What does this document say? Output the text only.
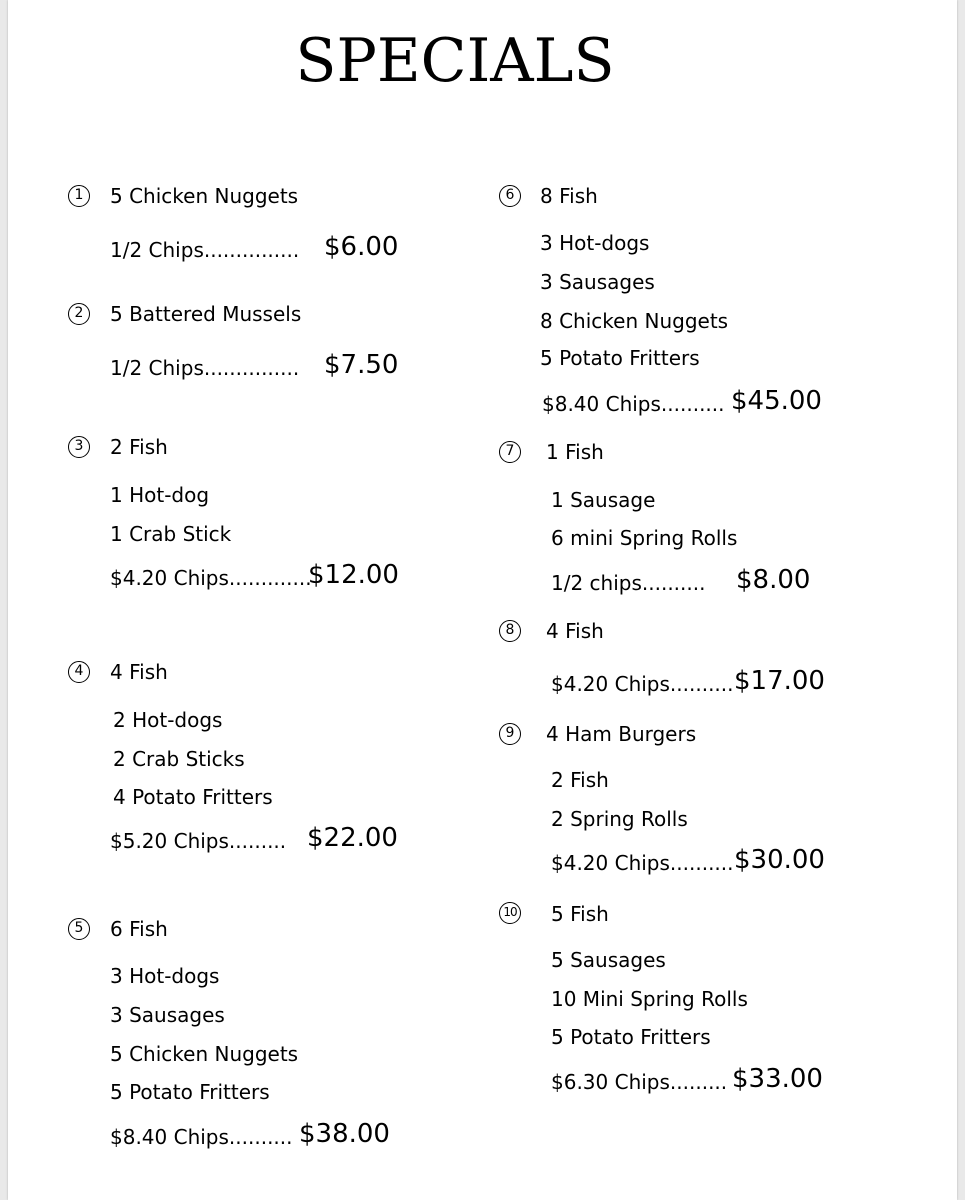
SPECIALS
1	5 Chicken Nuggets
1/2 Chips............... $6.00
2	5 Battered Mussels
1/2 Chips............... $7.50
3	2 Fish
1 Hot-dog
1 Crab Stick
$4.20 Chips.............
$12.00
4	4 Fish
2 Hot-dogs
2 Crab Sticks
4 Potato Fritters
$5.20 Chips......... $22.00
5	6 Fish
3 Hot-dogs
3 Sausages
5 Chicken Nuggets
5 Potato Fritters
$8.40 Chips.......... $38.00
6	8 Fish
3 Hot-dogs
3 Sausages
8 Chicken Nuggets
5 Potato Fritters
$8.40 Chips.......... $45.00
7	1 Fish
1 Sausage
6 mini Spring Rolls
1/2 chips.......... $8.00
8	4 Fish
$4.20 Chips.......... $17.00
9	4 Ham Burgers
2 Fish
2 Spring Rolls
$4.20 Chips.......... $30.00
10 5 Fish
5 Sausages
10 Mini Spring Rolls
5 Potato Fritters
$6.30 Chips......... $33.00
